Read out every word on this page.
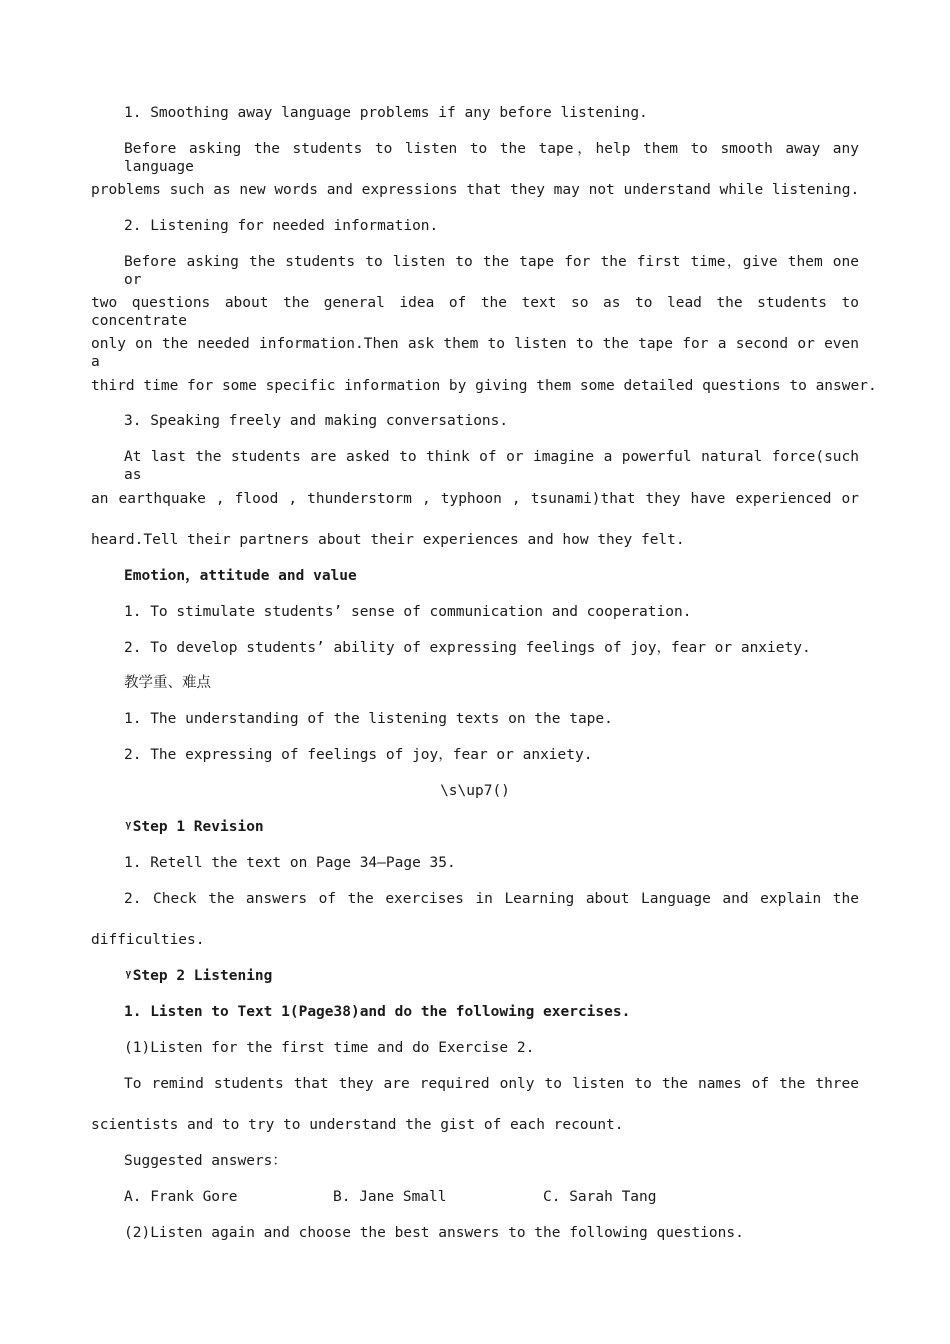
1. Smoothing away language problems if any before listening.
Before asking the students to listen to the tape，help them to smooth away any language
problems such as new words and expressions that they may not understand while listening.
2. Listening for needed information.
Before asking the students to listen to the tape for the first time，give them one or
two questions about the general idea of the text so as to lead the students to concentrate
only on the needed information.Then ask them to listen to the tape for a second or even a
third time for some specific information by giving them some detailed questions to answer.
3. Speaking freely and making conversations.
At last the students are asked to think of or imagine a powerful natural force(such as
an earthquake , flood , thunderstorm , typhoon , tsunami)that they have experienced or
heard.Tell their partners about their experiences and how they felt.
Emotion，attitude and value
1. To stimulate students’ sense of communication and cooperation.
2. To develop students’ ability of expressing feelings of joy，fear or anxiety.
教学重、难点
1. The understanding of the listening texts on the tape.
2. The expressing of feelings of joy，fear or anxiety.
\s\up7()
ᵞStep 1 Revision
1. Retell the text on Page 34—Page 35.
2. Check the answers of the exercises in Learning about Language and explain the
difficulties.
ᵞStep 2 Listening
1. Listen to Text 1(Page38)and do the following exercises.
(1)Listen for the first time and do Exercise 2.
To remind students that they are required only to listen to the names of the three
scientists and to try to understand the gist of each recount.
Suggested answers：
A. Frank Gore	B. Jane Small	C. Sarah Tang
(2)Listen again and choose the best answers to the following questions.
